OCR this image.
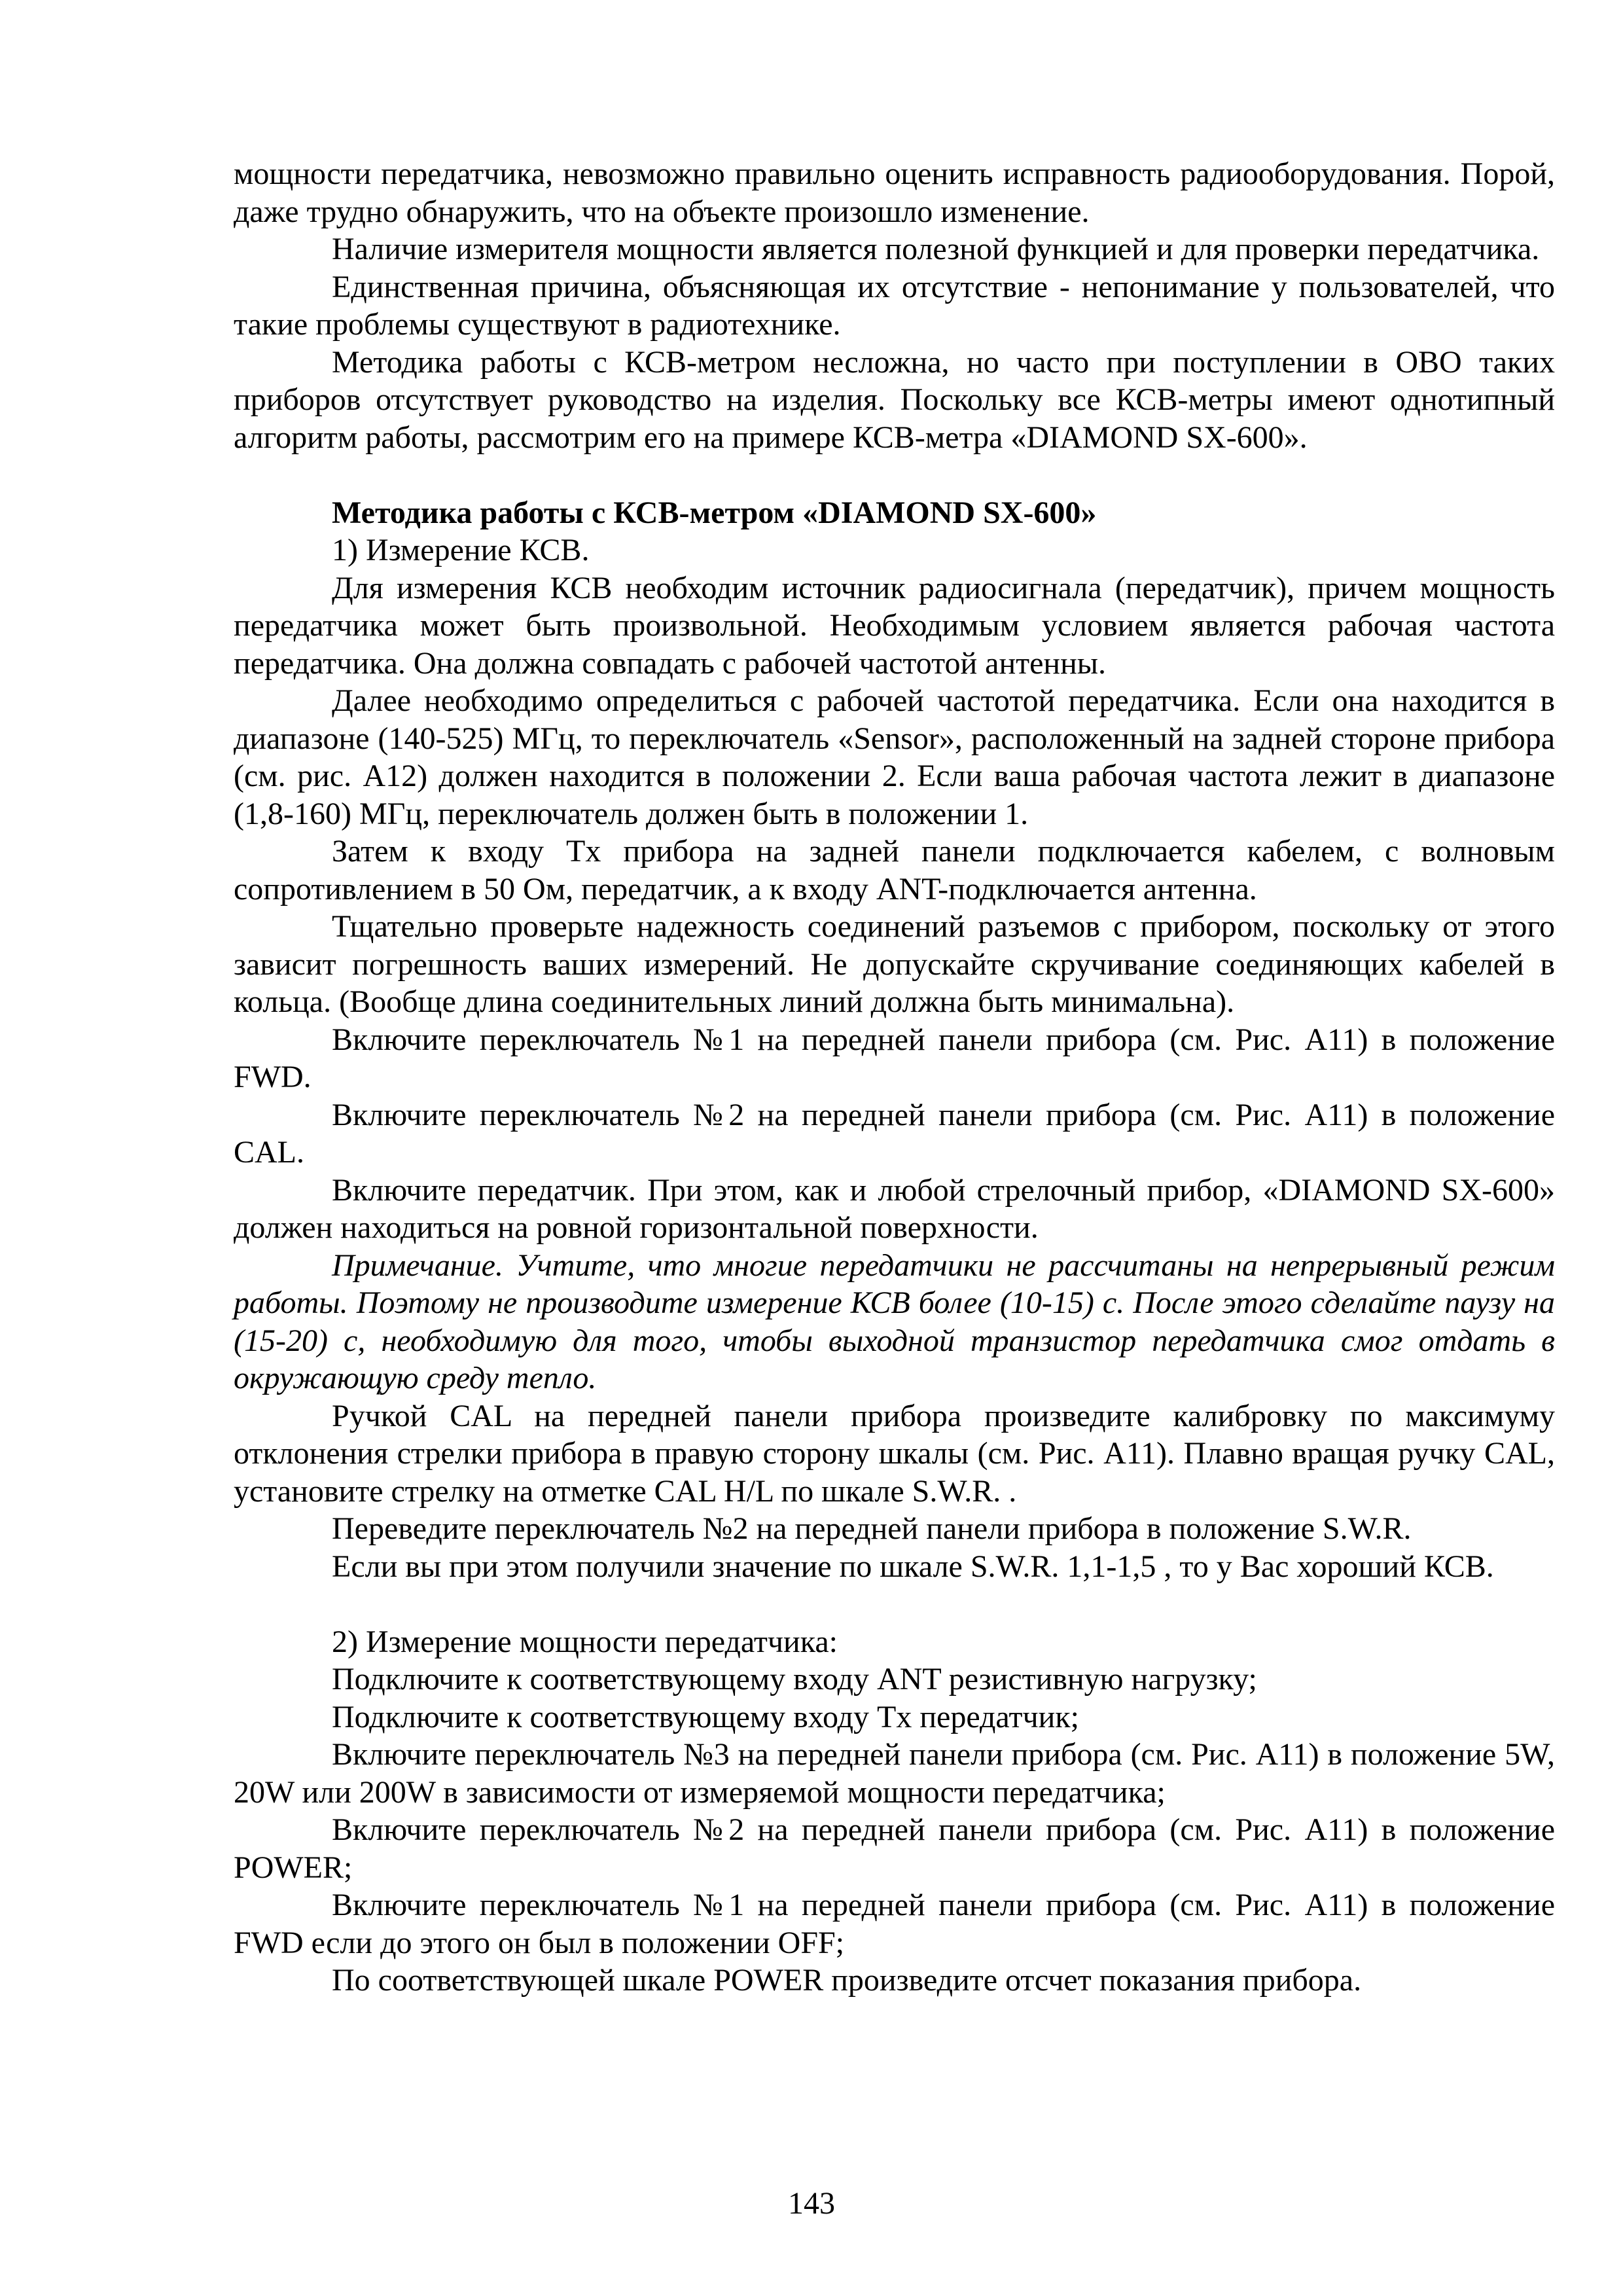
мощности передатчика, невозможно правильно оценить исправность радиооборудования. Порой, даже трудно обнаружить, что на объекте произошло изменение.

Наличие измерителя мощности является полезной функцией и для проверки передатчика.

Единственная причина, объясняющая их отсутствие - непонимание у пользователей, что такие проблемы существуют в радиотехнике.

Методика работы с КСВ-метром несложна, но часто при поступлении в ОВО таких приборов отсутствует руководство на изделия. Поскольку все КСВ-метры имеют однотипный алгоритм работы, рассмотрим его на примере КСВ-метра «DIAMOND SX-600».

Методика работы с КСВ-метром «DIAMOND SX-600»

1) Измерение КСВ.

Для измерения КСВ необходим источник радиосигнала (передатчик), причем мощность передатчика может быть произвольной. Необходимым условием является рабочая частота передатчика. Она должна совпадать с рабочей частотой антенны.

Далее необходимо определиться с рабочей частотой передатчика. Если она находится в диапазоне (140-525) МГц, то переключатель «Sensor», расположенный на задней стороне прибора (см. рис. А12) должен находится в положении 2. Если ваша рабочая частота лежит в диапазоне (1,8-160) МГц, переключатель должен быть в положении 1.

Затем к входу Tx прибора на задней панели подключается кабелем, с волновым сопротивлением в 50 Ом, передатчик, а к входу ANT-подключается антенна.

Тщательно проверьте надежность соединений разъемов с прибором, поскольку от этого зависит погрешность ваших измерений. Не допускайте скручивание соединяющих кабелей в кольца. (Вообще длина соединительных линий должна быть минимальна).

Включите переключатель №1 на передней панели прибора (см. Рис. А11) в положение FWD.

Включите переключатель №2 на передней панели прибора (см. Рис. А11) в положение CAL.

Включите передатчик. При этом, как и любой стрелочный прибор, «DIAMOND SX-600» должен находиться на ровной горизонтальной поверхности.

Примечание. Учтите, что многие передатчики не рассчитаны на непрерывный режим работы. Поэтому не производите измерение КСВ более (10-15) с. После этого сделайте паузу на (15-20) с, необходимую для того, чтобы выходной транзистор передатчика смог отдать в окружающую среду тепло.

Ручкой CAL на передней панели прибора произведите калибровку по максимуму отклонения стрелки прибора в правую сторону шкалы (см. Рис. А11). Плавно вращая ручку CAL, установите стрелку на отметке CAL H/L по шкале S.W.R. .

Переведите переключатель №2 на передней панели прибора в положение S.W.R.

Если вы при этом получили значение по шкале S.W.R. 1,1-1,5 , то у Вас хороший КСВ.

2) Измерение мощности передатчика:

Подключите к соответствующему входу ANT резистивную нагрузку;

Подключите к соответствующему входу Tx передатчик;

Включите переключатель №3 на передней панели прибора (см. Рис. А11) в положение 5W, 20W или 200W в зависимости от измеряемой мощности передатчика;

Включите переключатель №2 на передней панели прибора (см. Рис. А11) в положение POWER;

Включите переключатель №1 на передней панели прибора (см. Рис. А11) в положение FWD если до этого он был в положении OFF;

По соответствующей шкале POWER произведите отсчет показания прибора.

143
